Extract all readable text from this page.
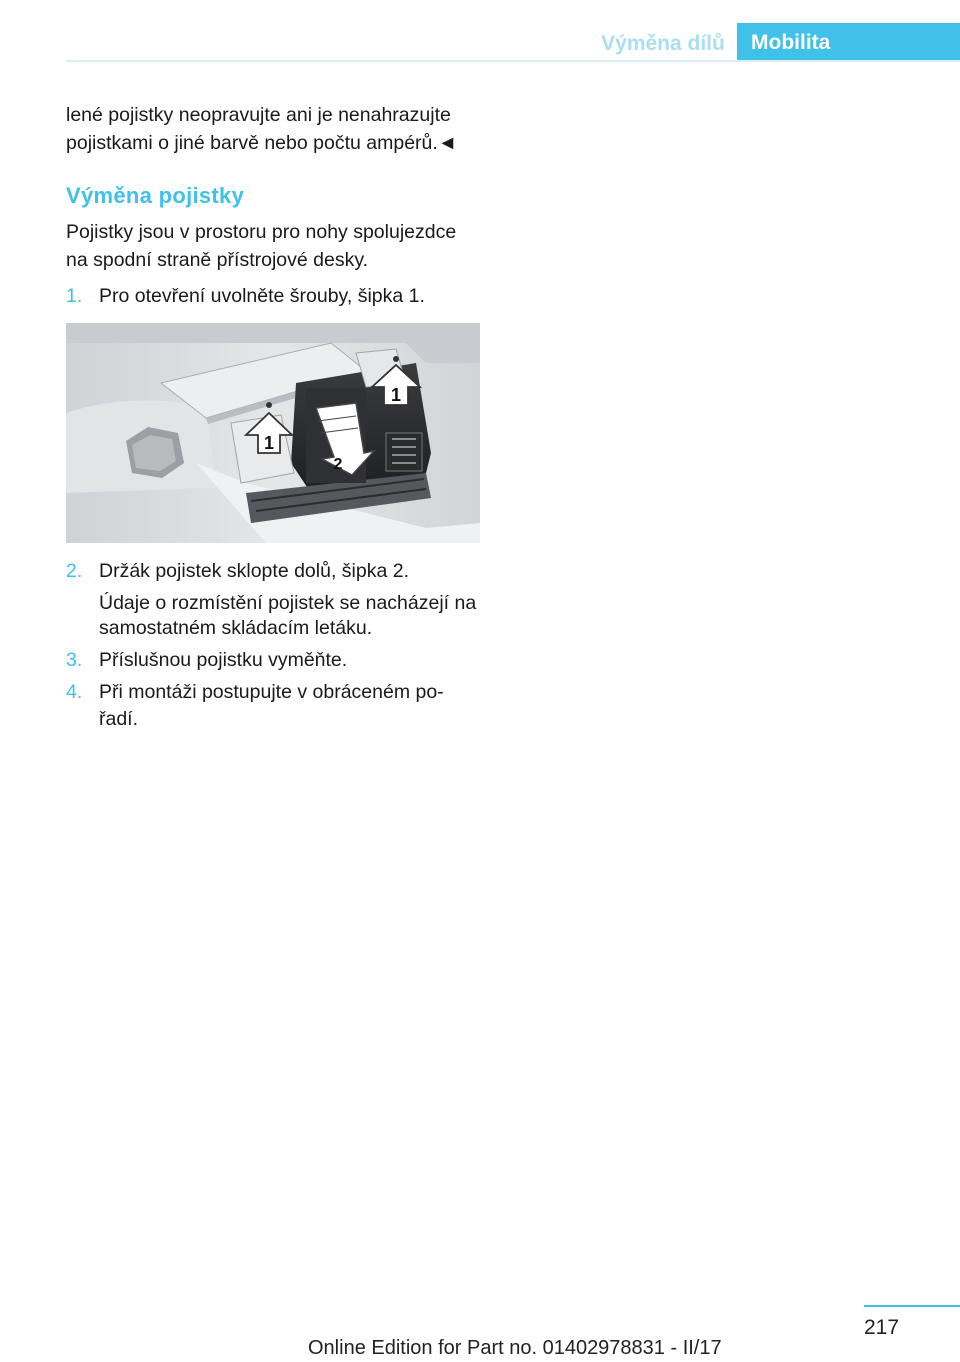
Výměna dílů	Mobilita

lené pojistky neopravujte ani je nenahrazujte

pojistkami o jiné barvě nebo počtu ampérů.◄

Výměna pojistky

Pojistky jsou v prostoru pro nohy spolujezdce

na spodní straně přístrojové desky.

1. Pro otevření uvolněte šrouby, šipka 1.
1
1
2
2. Držák pojistek sklopte dolů, šipka 2.

Údaje o rozmístění pojistek se nacházejí na

samostatném skládacím letáku.

3. Příslušnou pojistku vyměňte.
4. Při montáži postupujte v obráceném po-

řadí.

217
Online Edition for Part no. 01402978831 - II/17
